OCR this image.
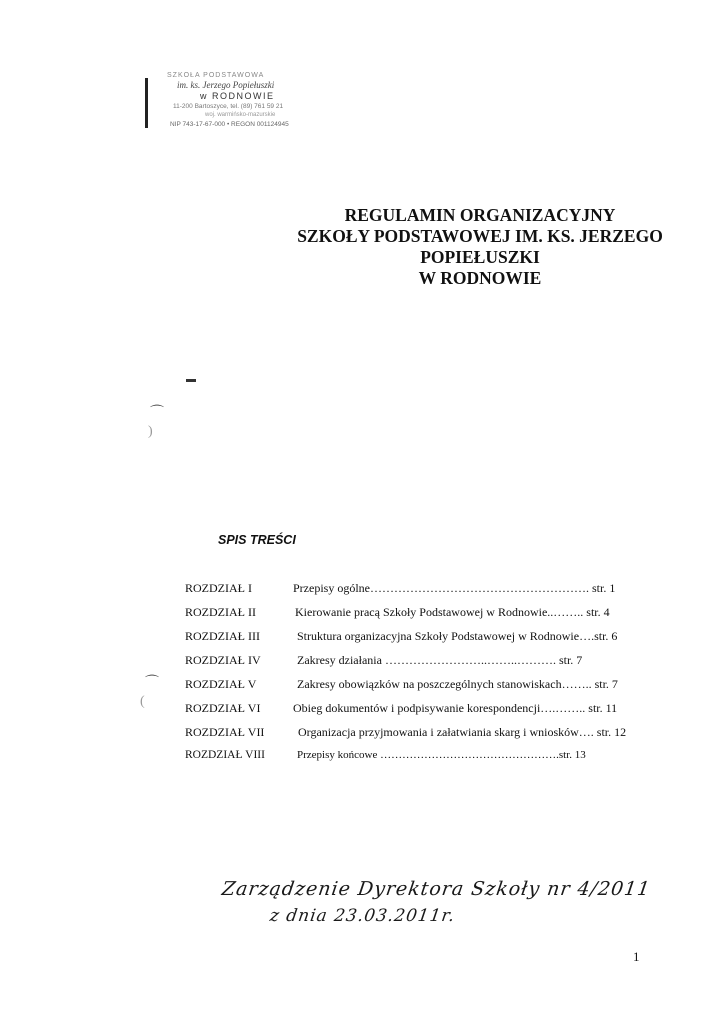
SZKOŁA PODSTAWOWA
im. ks. Jerzego Popiełuszki
w RODNOWIE
11-200 Bartoszyce, tel. (89) 761 59 21
woj. warmińsko-mazurskie
NIP 743-17-67-000 • REGON 001124945
REGULAMIN ORGANIZACYJNY
SZKOŁY PODSTAWOWEJ IM. KS. JERZEGO
POPIEŁUSZKI
W RODNOWIE
▬
⌒
)
⌒
(
SPIS TREŚCI
ROZDZIAŁ I	Przepisy ogólne………………………………………………. str. 1
ROZDZIAŁ II	Kierowanie pracą Szkoły Podstawowej w Rodnowie..…….. str. 4
ROZDZIAŁ III	Struktura organizacyjna Szkoły Podstawowej w Rodnowie….str. 6
ROZDZIAŁ IV	Zakresy działania ……………………..……..………. str. 7
ROZDZIAŁ V	Zakresy obowiązków na poszczególnych stanowiskach…….. str. 7
ROZDZIAŁ VI	Obieg dokumentów i podpisywanie korespondencji….…….. str. 11
ROZDZIAŁ VII	Organizacja przyjmowania i załatwiania skarg i wniosków…. str. 12
ROZDZIAŁ VIII	Przepisy końcowe ………………………………………….str. 13
Zarządzenie Dyrektora Szkoły nr 4/2011
z dnia 23.03.2011r.
1
